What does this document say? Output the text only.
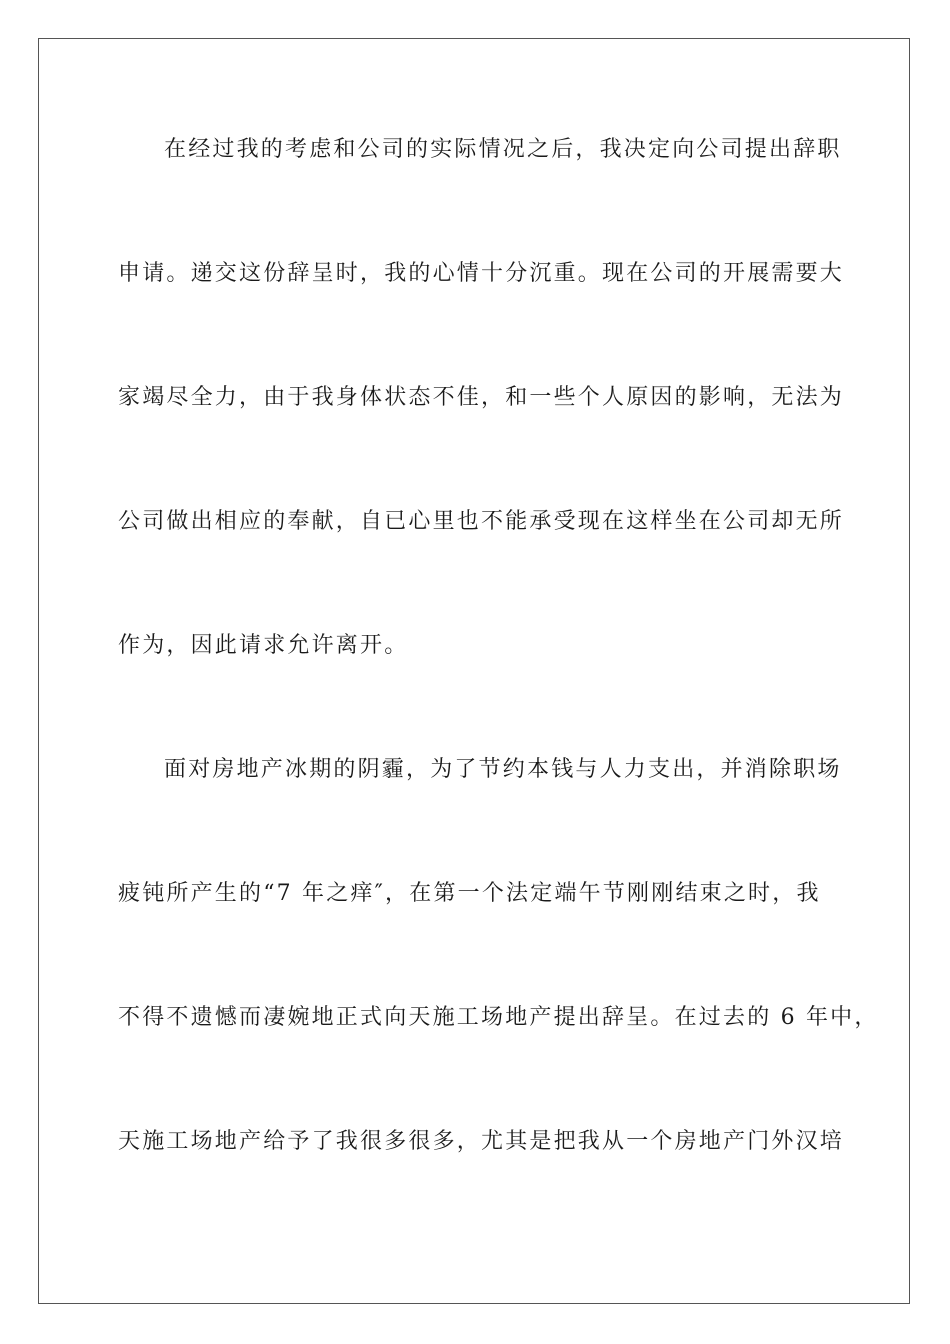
在经过我的考虑和公司的实际情况之后，我决定向公司提出辞职
申请。递交这份辞呈时，我的心情十分沉重。现在公司的开展需要大
家竭尽全力，由于我身体状态不佳，和一些个人原因的影响，无法为
公司做出相应的奉献，自已心里也不能承受现在这样坐在公司却无所
作为，因此请求允许离开。
面对房地产冰期的阴霾，为了节约本钱与人力支出，并消除职场
疲钝所产生的“7 年之痒″，在第一个法定端午节刚刚结束之时，我
不得不遗憾而凄婉地正式向天施工场地产提出辞呈。在过去的 6 年中，
天施工场地产给予了我很多很多，尤其是把我从一个房地产门外汉培
